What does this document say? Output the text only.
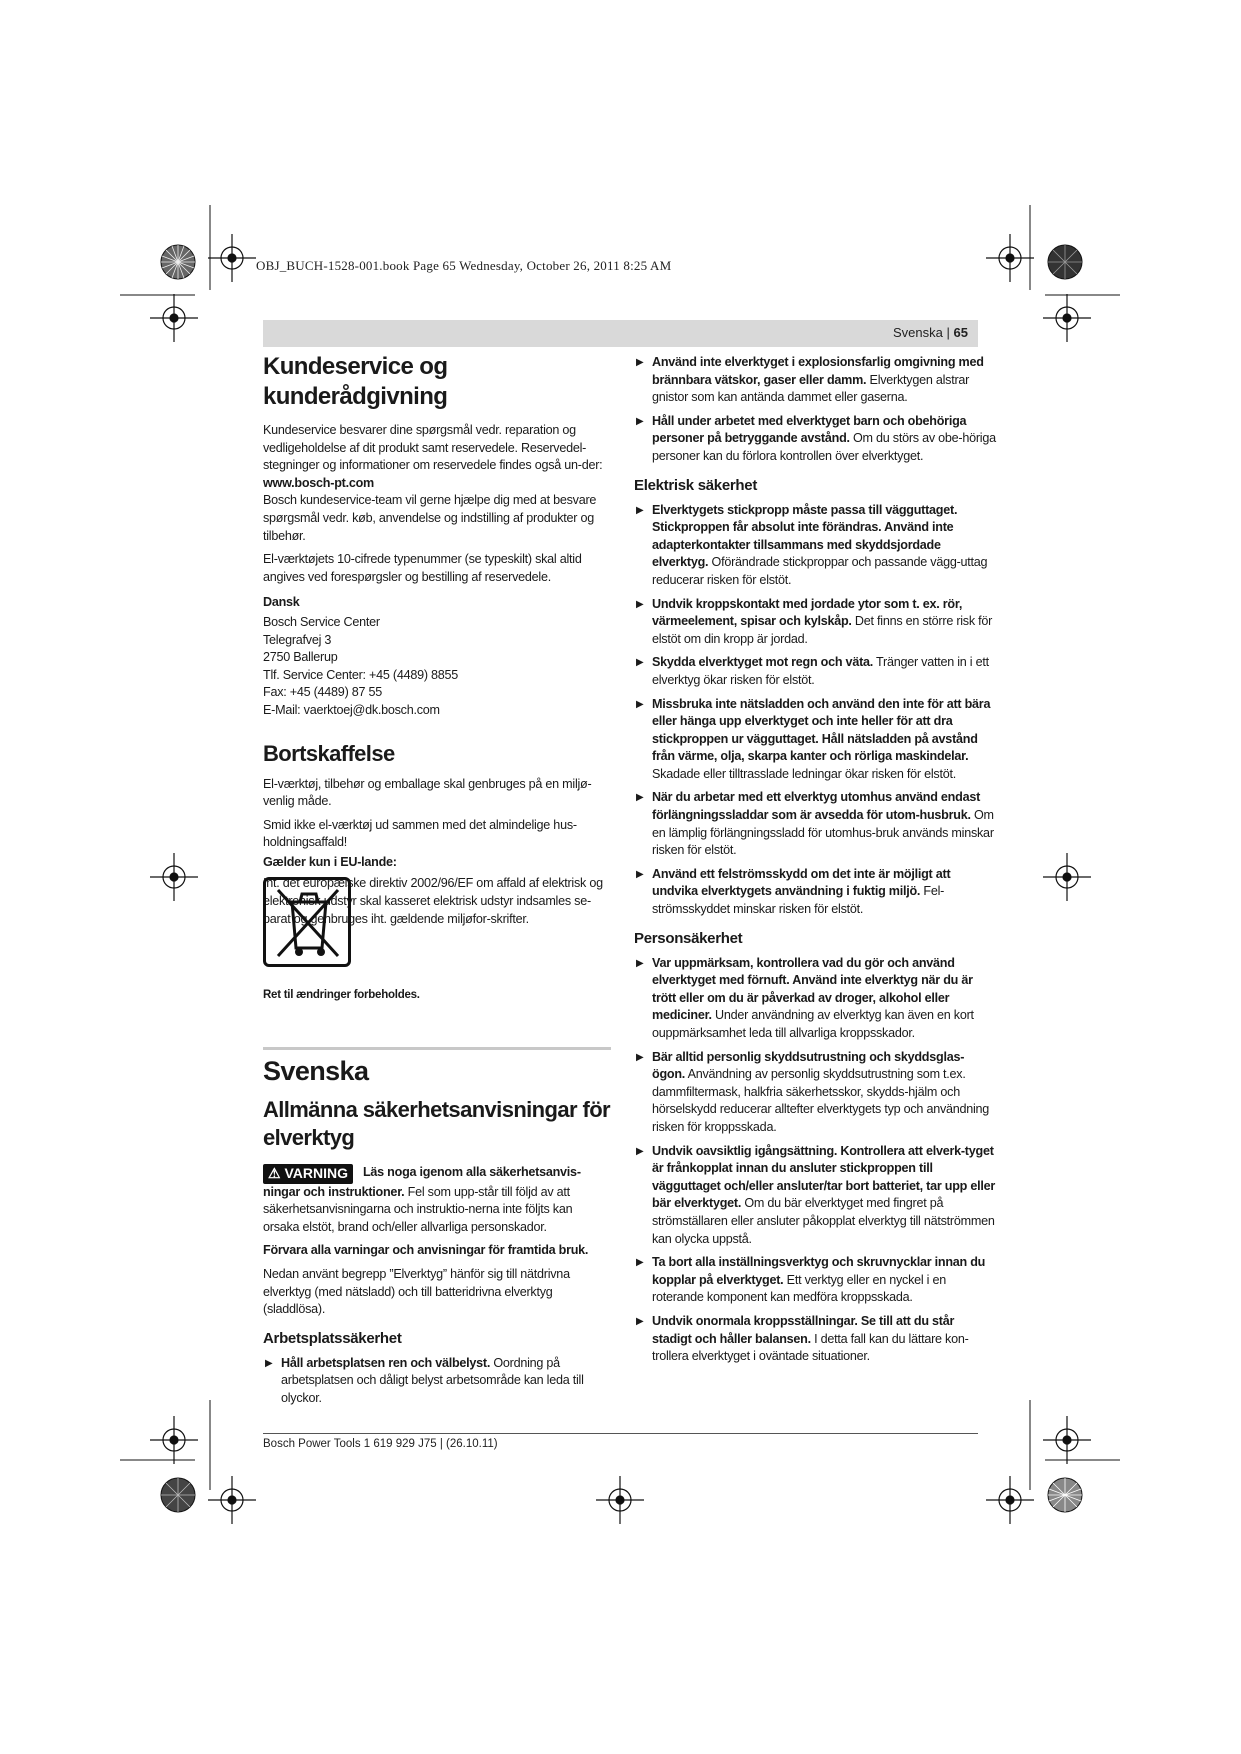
OBJ_BUCH-1528-001.book Page 65 Wednesday, October 26, 2011 8:25 AM
Svenska | 65
Kundeservice og kunderådgivning

Kundeservice besvarer dine spørgsmål vedr. reparation og vedligeholdelse af dit produkt samt reservedele. Reservedel-stegninger og informationer om reservedele findes også un-der:

www.bosch-pt.com

Bosch kundeservice-team vil gerne hjælpe dig med at besvare spørgsmål vedr. køb, anvendelse og indstilling af produkter og tilbehør.

El-værktøjets 10-cifrede typenummer (se typeskilt) skal altid angives ved forespørgsler og bestilling af reservedele.

Dansk

Bosch Service Center
Telegrafvej 3
2750 Ballerup
Tlf. Service Center: +45 (4489) 8855
Fax: +45 (4489) 87 55
E-Mail: vaerktoej@dk.bosch.com
Bortskaffelse

El-værktøj, tilbehør og emballage skal genbruges på en miljø-venlig måde.

Smid ikke el-værktøj ud sammen med det almindelige hus-holdningsaffald!

Gælder kun i EU-lande:

Iht. det europæiske direktiv 2002/96/EF om affald af elektrisk og elektronisk udstyr skal kasseret elektrisk udstyr indsamles se-parat og genbruges iht. gældende miljøfor-skrifter.

Ret til ændringer forbeholdes.

Svenska
Allmänna säkerhetsanvisningar för elverktyg

⚠ VARNING Läs noga igenom alla säkerhetsanvis-ningar och instruktioner. Fel som upp-står till följd av att säkerhetsanvisningarna och instruktio-nerna inte följts kan orsaka elstöt, brand och/eller allvarliga personskador.

Förvara alla varningar och anvisningar för framtida bruk.

Nedan använt begrepp ”Elverktyg” hänför sig till nätdrivna elverktyg (med nätsladd) och till batteridrivna elverktyg (sladdlösa).

Arbetsplatssäkerhet
▶ Håll arbetsplatsen ren och välbelyst. Oordning på arbetsplatsen och dåligt belyst arbetsområde kan leda till olyckor.
▶ Använd inte elverktyget i explosionsfarlig omgivning med brännbara vätskor, gaser eller damm. Elverktygen alstrar gnistor som kan antända dammet eller gaserna.
▶ Håll under arbetet med elverktyget barn och obehöriga personer på betryggande avstånd. Om du störs av obe-höriga personer kan du förlora kontrollen över elverktyget.
Elektrisk säkerhet
▶ Elverktygets stickpropp måste passa till vägguttaget. Stickproppen får absolut inte förändras. Använd inte adapterkontakter tillsammans med skyddsjordade elverktyg. Oförändrade stickproppar och passande vägg-uttag reducerar risken för elstöt.
▶ Undvik kroppskontakt med jordade ytor som t. ex. rör, värmeelement, spisar och kylskåp. Det finns en större risk för elstöt om din kropp är jordad.
▶ Skydda elverktyget mot regn och väta. Tränger vatten in i ett elverktyg ökar risken för elstöt.
▶ Missbruka inte nätsladden och använd den inte för att bära eller hänga upp elverktyget och inte heller för att dra stickproppen ur vägguttaget. Håll nätsladden på avstånd från värme, olja, skarpa kanter och rörliga maskindelar. Skadade eller tilltrasslade ledningar ökar risken för elstöt.
▶ När du arbetar med ett elverktyg utomhus använd endast förlängningssladdar som är avsedda för utom-husbruk. Om en lämplig förlängningssladd för utomhus-bruk används minskar risken för elstöt.
▶ Använd ett felströmsskydd om det inte är möjligt att undvika elverktygets användning i fuktig miljö. Fel-strömsskyddet minskar risken för elstöt.
Personsäkerhet
▶ Var uppmärksam, kontrollera vad du gör och använd elverktyget med förnuft. Använd inte elverktyg när du är trött eller om du är påverkad av droger, alkohol eller mediciner. Under användning av elverktyg kan även en kort ouppmärksamhet leda till allvarliga kroppsskador.
▶ Bär alltid personlig skyddsutrustning och skyddsglas-ögon. Användning av personlig skyddsutrustning som t.ex. dammfiltermask, halkfria säkerhetsskor, skydds-hjälm och hörselskydd reducerar alltefter elverktygets typ och användning risken för kroppsskada.
▶ Undvik oavsiktlig igångsättning. Kontrollera att elverk-tyget är frånkopplat innan du ansluter stickproppen till vägguttaget och/eller ansluter/tar bort batteriet, tar upp eller bär elverktyget. Om du bär elverktyget med fingret på strömställaren eller ansluter påkopplat elverktyg till nätströmmen kan olycka uppstå.
▶ Ta bort alla inställningsverktyg och skruvnycklar innan du kopplar på elverktyget. Ett verktyg eller en nyckel i en roterande komponent kan medföra kroppsskada.
▶ Undvik onormala kroppsställningar. Se till att du står stadigt och håller balansen. I detta fall kan du lättare kon-trollera elverktyget i oväntade situationer.
Bosch Power Tools 1 619 929 J75 | (26.10.11)
